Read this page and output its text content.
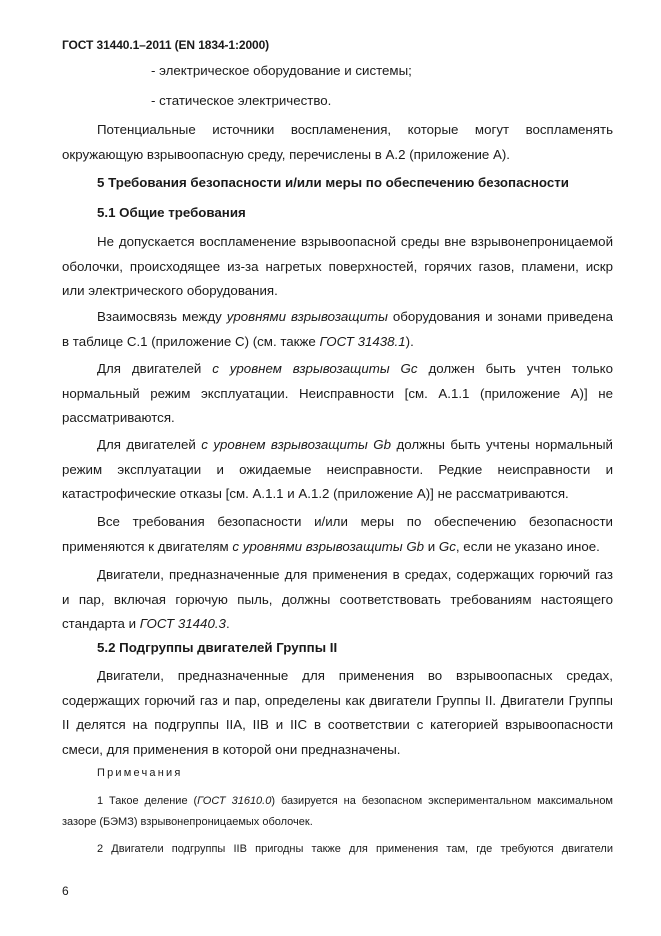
ГОСТ 31440.1–2011 (EN 1834-1:2000)
- электрическое оборудование и системы;
- статическое электричество.
Потенциальные источники воспламенения, которые могут воспламенять окружающую взрывоопасную среду, перечислены в А.2 (приложение А).
5 Требования безопасности и/или меры по обеспечению безопасности
5.1 Общие требования
Не допускается воспламенение взрывоопасной среды вне взрывонепроницаемой оболочки, происходящее из-за нагретых поверхностей, горячих газов, пламени, искр или электрического оборудования.
Взаимосвязь между уровнями взрывозащиты оборудования и зонами приведена в таблице С.1 (приложение С) (см. также ГОСТ 31438.1).
Для двигателей с уровнем взрывозащиты Gc должен быть учтен только нормальный режим эксплуатации. Неисправности [см. А.1.1 (приложение А)] не рассматриваются.
Для двигателей с уровнем взрывозащиты Gb должны быть учтены нормальный режим эксплуатации и ожидаемые неисправности. Редкие неисправности и катастрофические отказы [см. А.1.1 и А.1.2 (приложение А)] не рассматриваются.
Все требования безопасности и/или меры по обеспечению безопасности применяются к двигателям с уровнями взрывозащиты Gb и Gc, если не указано иное.
Двигатели, предназначенные для применения в средах, содержащих горючий газ и пар, включая горючую пыль, должны соответствовать требованиям настоящего стандарта и ГОСТ 31440.3.
5.2 Подгруппы двигателей Группы II
Двигатели, предназначенные для применения во взрывоопасных средах, содержащих горючий газ и пар, определены как двигатели Группы II. Двигатели Группы II делятся на подгруппы IIA, IIB и IIC в соответствии с категорией взрывоопасности смеси, для применения в которой они предназначены.
Примечания
1 Такое деление (ГОСТ 31610.0) базируется на безопасном экспериментальном максимальном зазоре (БЭМЗ) взрывонепроницаемых оболочек.
2 Двигатели подгруппы IIB пригодны также для применения там, где требуются двигатели
6
